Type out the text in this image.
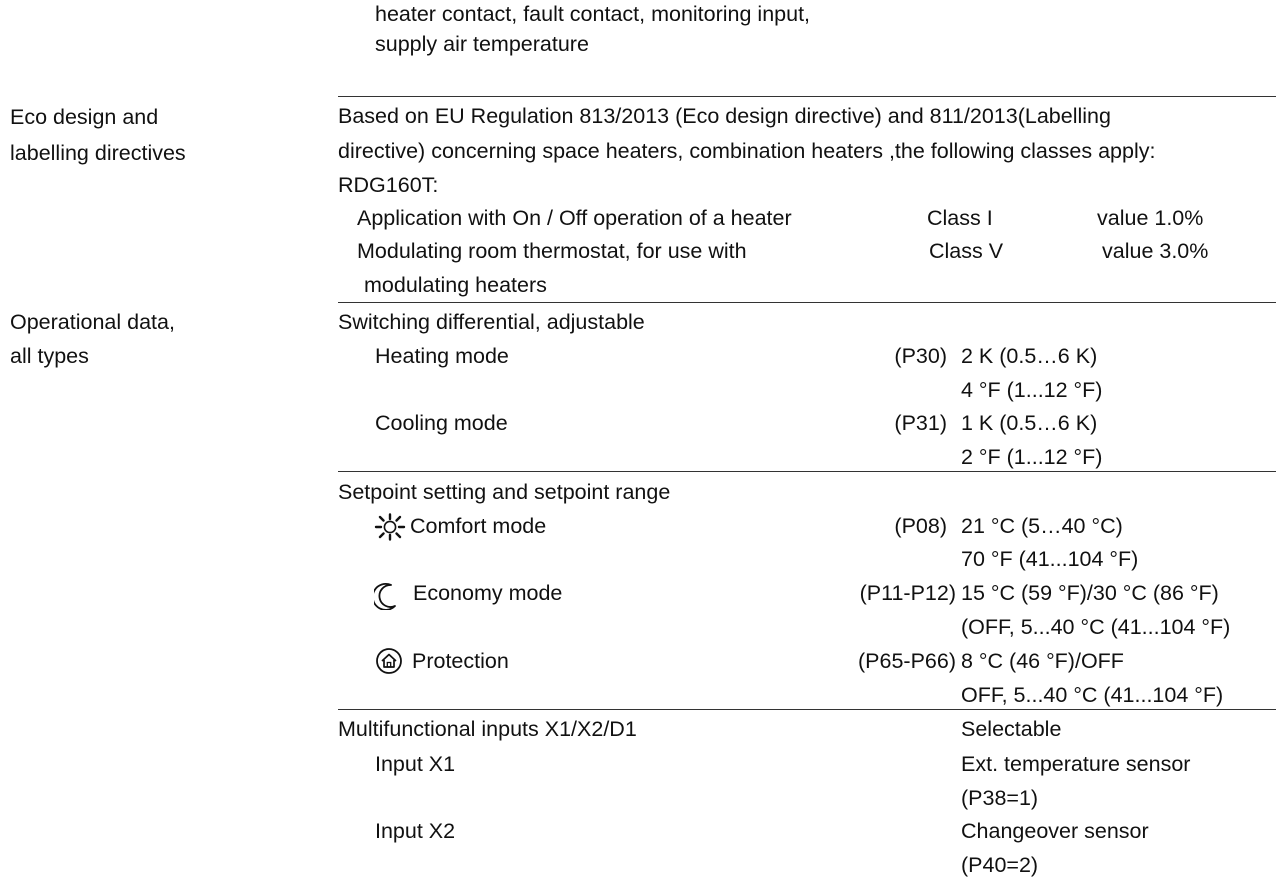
heater contact, fault contact, monitoring input,
supply air temperature
Eco design and
labelling directives
Based on EU Regulation 813/2013 (Eco design directive) and 811/2013(Labelling
directive) concerning space heaters, combination heaters ,the following classes apply:
RDG160T:
Application with On / Off operation of a heater	Class I	value 1.0%
Modulating room thermostat, for use with	Class V	value 3.0%
modulating heaters
Operational data,
all types
Switching differential, adjustable
Heating mode	(P30) 2 K (0.5…6 K)
4 °F (1...12 °F)
Cooling mode	(P31) 1 K (0.5…6 K)
2 °F (1...12 °F)
Setpoint setting and setpoint range
Comfort mode	(P08) 21 °C (5…40 °C)
70 °F (41...104 °F)
Economy mode	(P11-P12) 15 °C (59 °F)/30 °C (86 °F)
(OFF, 5...40 °C (41...104 °F)
Protection	(P65-P66) 8 °C (46 °F)/OFF
OFF, 5...40 °C (41...104 °F)
Multifunctional inputs X1/X2/D1	Selectable
Input X1	Ext. temperature sensor
(P38=1)
Input X2	Changeover sensor
(P40=2)
